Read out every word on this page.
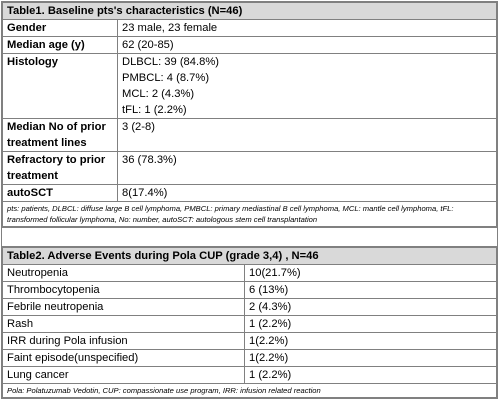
Table1. Baseline pts's characteristics (N=46)	
Gender	23 male, 23 female
Median age (y)	62 (20-85)
Histology	DLBCL: 39 (84.8%)
PMBCL: 4 (8.7%)
MCL: 2 (4.3%)
tFL: 1 (2.2%)

Median No of prior treatment lines	3 (2-8)
Refractory to prior treatment	36 (78.3%)
autoSCT	8(17.4%)
pts: patients, DLBCL: diffuse large B cell lymphoma, PMBCL: primary mediastinal B cell lymphoma, MCL: mantle cell lymphoma, tFL: transformed follicular lymphoma, No: number, autoSCT: autologous stem cell transplantation	
Table2. Adverse Events during Pola CUP (grade 3,4) , N=46	
Neutropenia	10(21.7%)
Thrombocytopenia	6 (13%)
Febrile neutropenia	2 (4.3%)
Rash	1 (2.2%)
IRR during Pola infusion	1(2.2%)
Faint episode(unspecified)	1(2.2%)
Lung cancer	1 (2.2%)
Pola: Polatuzumab Vedotin, CUP: compassionate use program, IRR: infusion related reaction	
